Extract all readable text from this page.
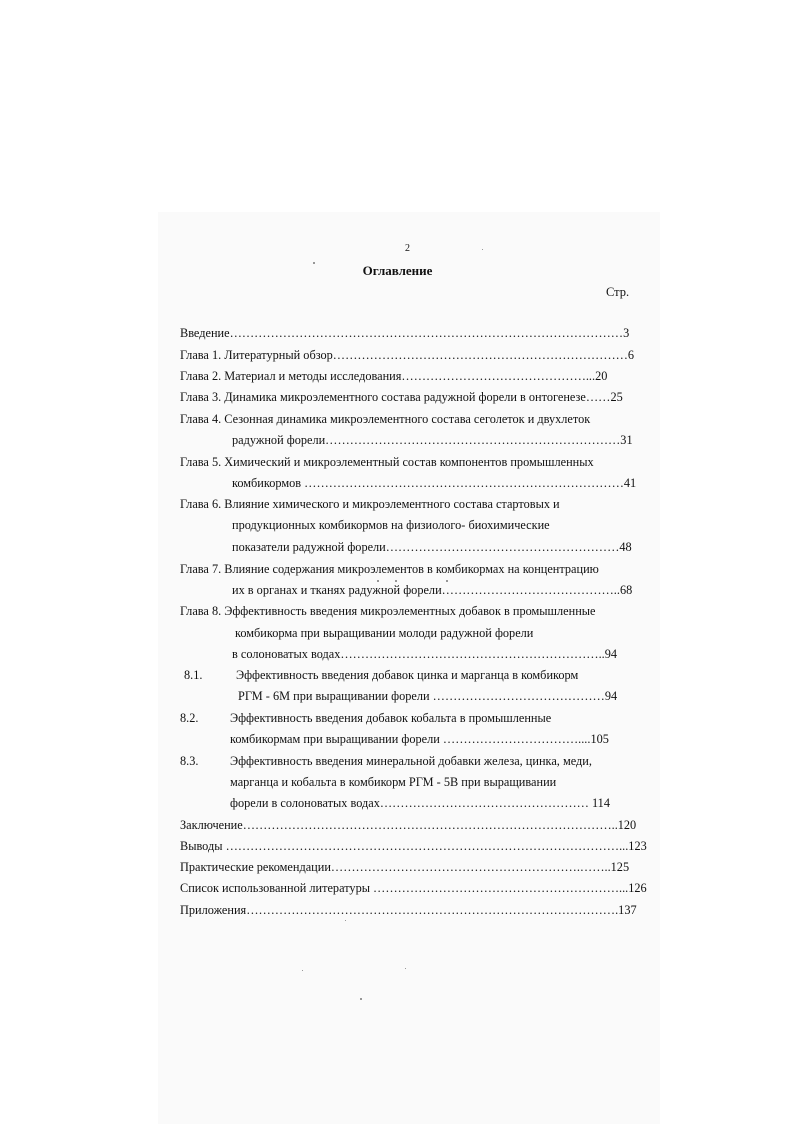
2
Оглавление
Стр.
Введение……………………………………………………………………………………3
Глава 1. Литературный обзор………………………………………………………………6
Глава 2. Материал и методы исследования………………………………………...20
Глава 3. Динамика микроэлементного состава радужной форели в онтогенезе……25
Глава 4. Сезонная динамика микроэлементного состава сеголеток и двухлеток
радужной форели………………………………………………………………31
Глава 5. Химический и микроэлементный состав компонентов промышленных
комбикормов ……………………………………………………………………41
Глава 6. Влияние химического и микроэлементного состава стартовых и
продукционных комбикормов на физиолого- биохимические
показатели радужной форели…………………………………………………48
Глава 7. Влияние содержания микроэлементов в комбикормах на концентрацию
их в органах и тканях радужной форели……………………………………..68
Глава 8. Эффективность введения микроэлементных добавок в промышленные
комбикорма при выращивании молоди радужной форели
в солоноватых водах………………………………………………………..94
8.1.	Эффективность введения добавок цинка и марганца в комбикорм
РГМ - 6М при выращивании форели ……………………………………94
8.2.	Эффективность введения добавок кобальта в промышленные
комбикормам при выращивании форели ……………………………....105
8.3.	Эффективность введения минеральной добавки железа, цинка, меди,
марганца и кобальта в комбикорм РГМ - 5В при выращивании
форели в солоноватых водах…………………………………………… 114
Заключение………………………………………………………………………………..120
Выводы ……………………………………………………………………………………...123
Практические рекомендации…………………………………………………….……..125
Список использованной литературы ……………………………………………………...126
Приложения……………………………………………………………………………….137
